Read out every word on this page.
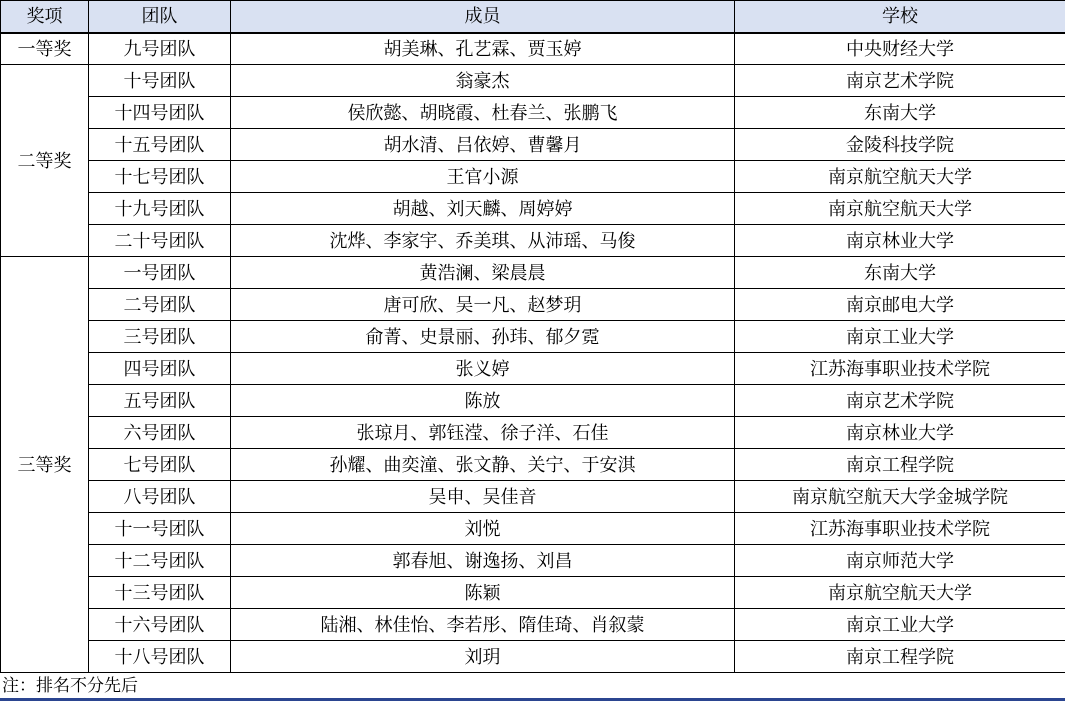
奖项	团队	成员	学校
一等奖	九号团队	胡美琳、孔艺霖、贾玉婷	中央财经大学
二等奖	十号团队	翁豪杰	南京艺术学院
	十四号团队	侯欣懿、胡晓霞、杜春兰、张鹏飞	东南大学
	十五号团队	胡水清、吕依婷、曹馨月	金陵科技学院
	十七号团队	王官小源	南京航空航天大学
	十九号团队	胡越、刘天麟、周婷婷	南京航空航天大学
	二十号团队	沈烨、李家宇、乔美琪、从沛瑶、马俊	南京林业大学
三等奖	一号团队	黄浩澜、梁晨晨	东南大学
	二号团队	唐可欣、吴一凡、赵梦玥	南京邮电大学
	三号团队	俞菁、史景丽、孙玮、郁夕霓	南京工业大学
	四号团队	张义婷	江苏海事职业技术学院
	五号团队	陈放	南京艺术学院
	六号团队	张琼月、郭钰滢、徐子洋、石佳	南京林业大学
	七号团队	孙耀、曲奕潼、张文静、关宁、于安淇	南京工程学院
	八号团队	吴申、吴佳音	南京航空航天大学金城学院
	十一号团队	刘悦	江苏海事职业技术学院
	十二号团队	郭春旭、谢逸扬、刘昌	南京师范大学
	十三号团队	陈颖	南京航空航天大学
	十六号团队	陆湘、林佳怡、李若彤、隋佳琦、肖叙蒙	南京工业大学
	十八号团队	刘玥	南京工程学院
注：排名不分先后
